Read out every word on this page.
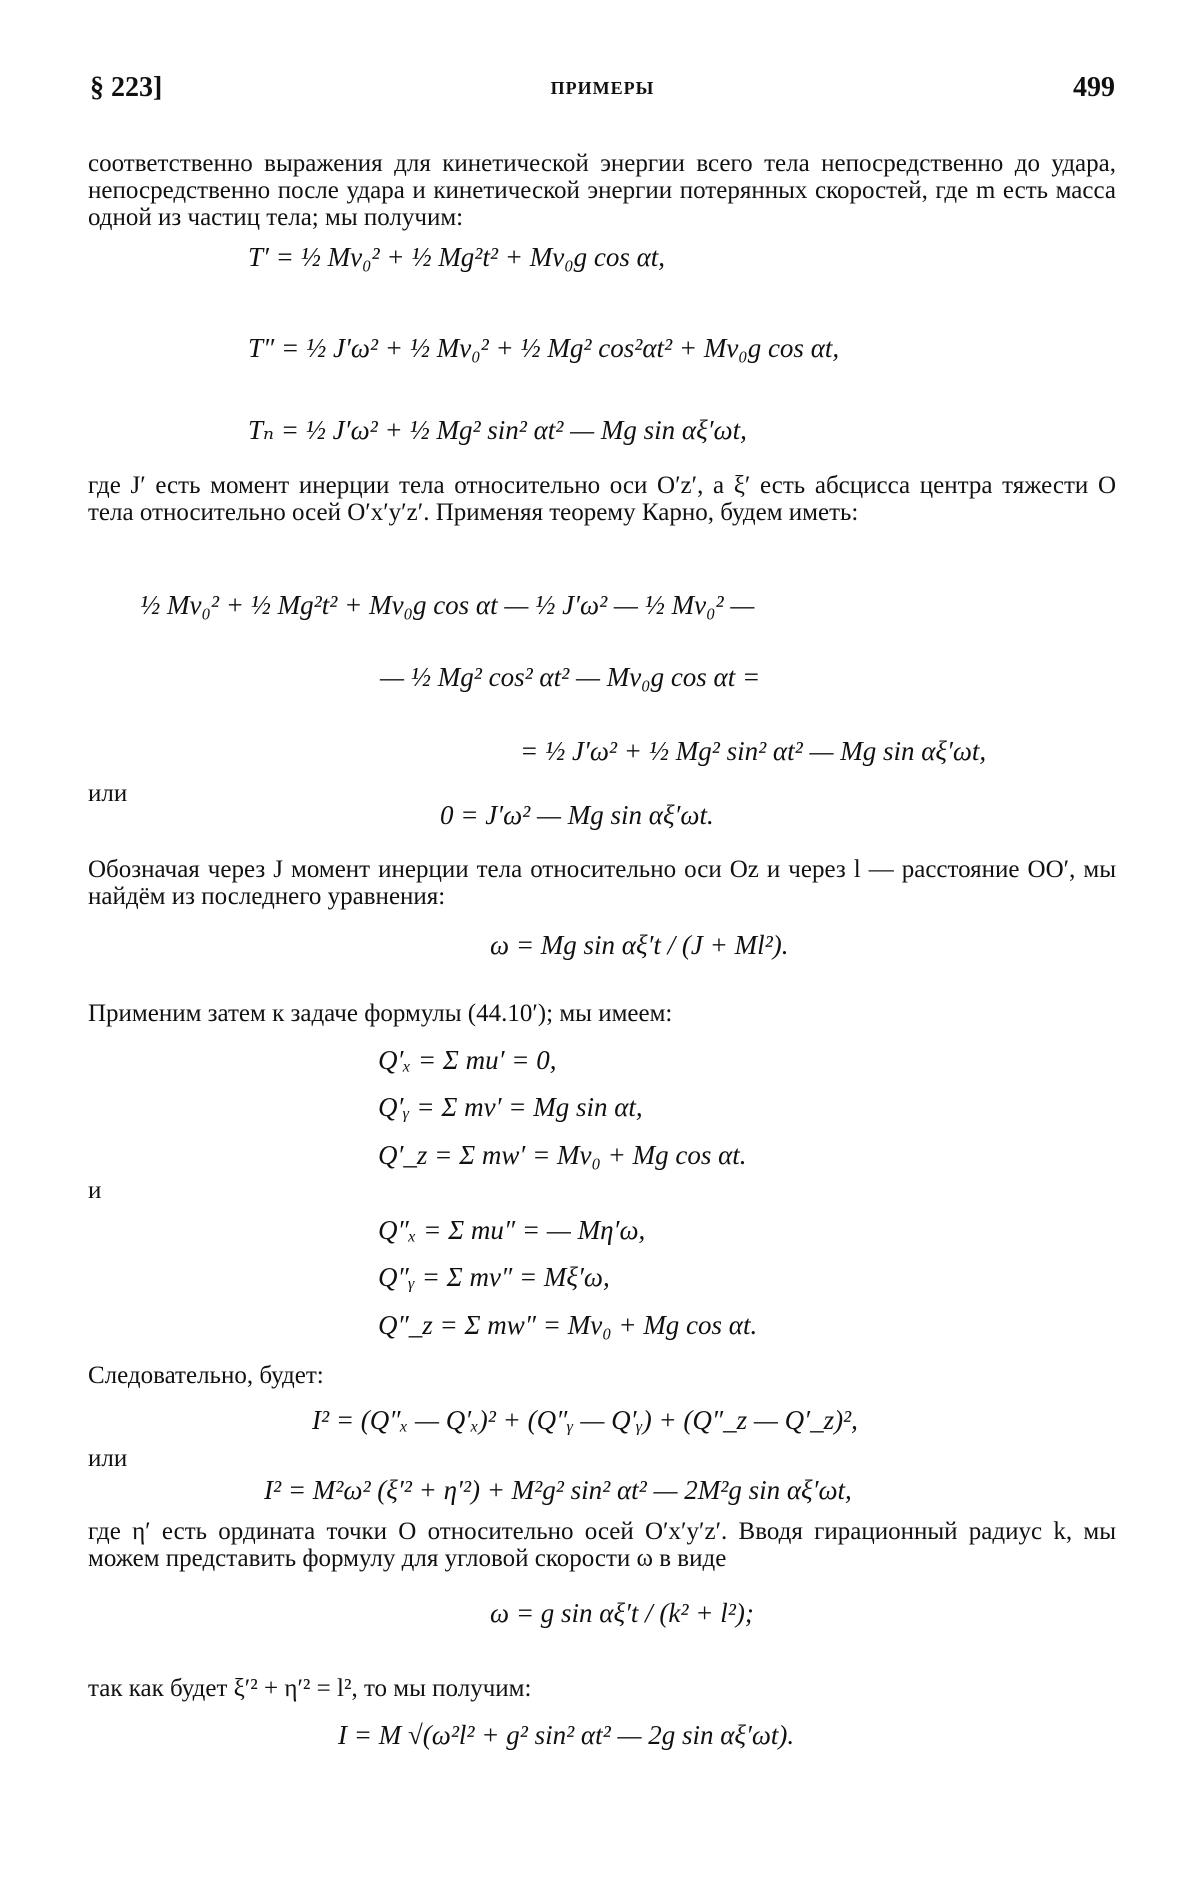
§ 223]	ПРИМЕРЫ	499
соответственно выражения для кинетической энергии всего тела непосредственно до удара, непосредственно после удара и кинетической энергии потерянных скоростей, где m есть масса одной из частиц тела; мы получим:
T′ = ½ Mv₀² + ½ Mg²t² + Mv₀g cos αt,
T″ = ½ J′ω² + ½ Mv₀² + ½ Mg² cos²αt² + Mv₀g cos αt,
Tₙ = ½ J′ω² + ½ Mg² sin² αt² — Mg sin αξ′ωt,
где J′ есть момент инерции тела относительно оси O′z′, а ξ′ есть абсцисса центра тяжести O тела относительно осей O′x′y′z′. Применяя теорему Карно, будем иметь:
½ Mv₀² + ½ Mg²t² + Mv₀g cos αt — ½ J′ω² — ½ Mv₀² —
— ½ Mg² cos² αt² — Mv₀g cos αt =
= ½ J′ω² + ½ Mg² sin² αt² — Mg sin αξ′ωt,
или
0 = J′ω² — Mg sin αξ′ωt.
Обозначая через J момент инерции тела относительно оси Oz и через l — расстояние OO′, мы найдём из последнего уравнения:
ω = Mg sin αξ′t / (J + Ml²).
Применим затем к задаче формулы (44.10′); мы имеем:
Q′ₓ = Σ mu′ = 0,
Q′ᵧ = Σ mv′ = Mg sin αt,
Q′_z = Σ mw′ = Mv₀ + Mg cos αt.
и
Q″ₓ = Σ mu″ = — Mη′ω,
Q″ᵧ = Σ mv″ = Mξ′ω,
Q″_z = Σ mw″ = Mv₀ + Mg cos αt.
Следовательно, будет:
I² = (Q″ₓ — Q′ₓ)² + (Q″ᵧ — Q′ᵧ) + (Q″_z — Q′_z)²,
или
I² = M²ω² (ξ′² + η′²) + M²g² sin² αt² — 2M²g sin αξ′ωt,
где η′ есть ордината точки O относительно осей O′x′y′z′. Вводя гирационный радиус k, мы можем представить формулу для угловой скорости ω в виде
ω = g sin αξ′t / (k² + l²);
так как будет ξ′² + η′² = l², то мы получим:
I = M √(ω²l² + g² sin² αt² — 2g sin αξ′ωt).
